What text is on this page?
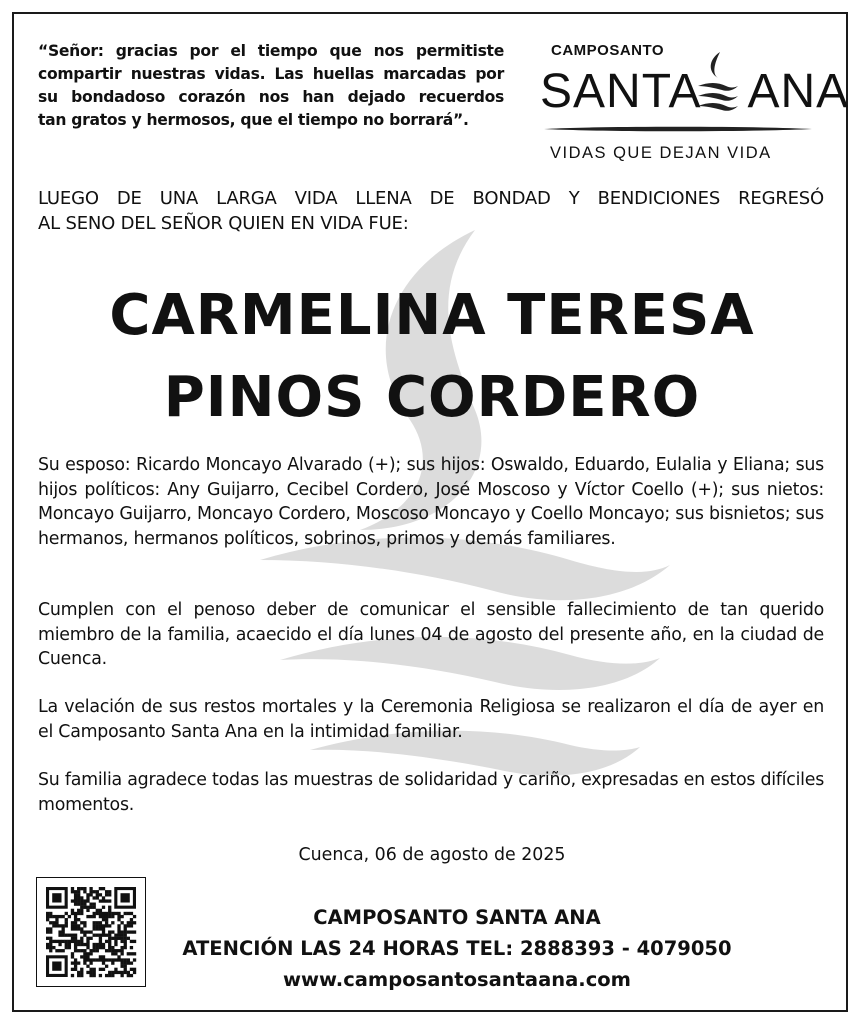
“Señor: gracias por el tiempo que nos permitiste
compartir nuestras vidas. Las huellas marcadas por
su bondadoso corazón nos han dejado recuerdos
tan gratos y hermosos, que el tiempo no borrará”.
CAMPOSANTO
SANTA ANA
VIDAS QUE DEJAN VIDA
LUEGO DE UNA LARGA VIDA LLENA DE BONDAD Y BENDICIONES REGRESÓ
AL SENO DEL SEÑOR QUIEN EN VIDA FUE:
CARMELINA TERESA
PINOS CORDERO
Su esposo: Ricardo Moncayo Alvarado (+); sus hijos: Oswaldo, Eduardo, Eulalia y Eliana; sus hijos políticos: Any Guijarro, Cecibel Cordero, José Moscoso y Víctor Coello (+); sus nietos: Moncayo Guijarro, Moncayo Cordero, Moscoso Moncayo y Coello Moncayo; sus bisnietos; sus hermanos, hermanos políticos, sobrinos, primos y demás familiares.
Cumplen con el penoso deber de comunicar el sensible fallecimiento de tan querido miembro de la familia, acaecido el día lunes 04 de agosto del presente año, en la ciudad de Cuenca.
La velación de sus restos mortales y la Ceremonia Religiosa se realizaron el día de ayer en el Camposanto Santa Ana en la intimidad familiar.
Su familia agradece todas las muestras de solidaridad y cariño, expresadas en estos difíciles momentos.
Cuenca, 06 de agosto de 2025
CAMPOSANTO SANTA ANA
ATENCIÓN LAS 24 HORAS TEL: 2888393 - 4079050
www.camposantosantaana.com
